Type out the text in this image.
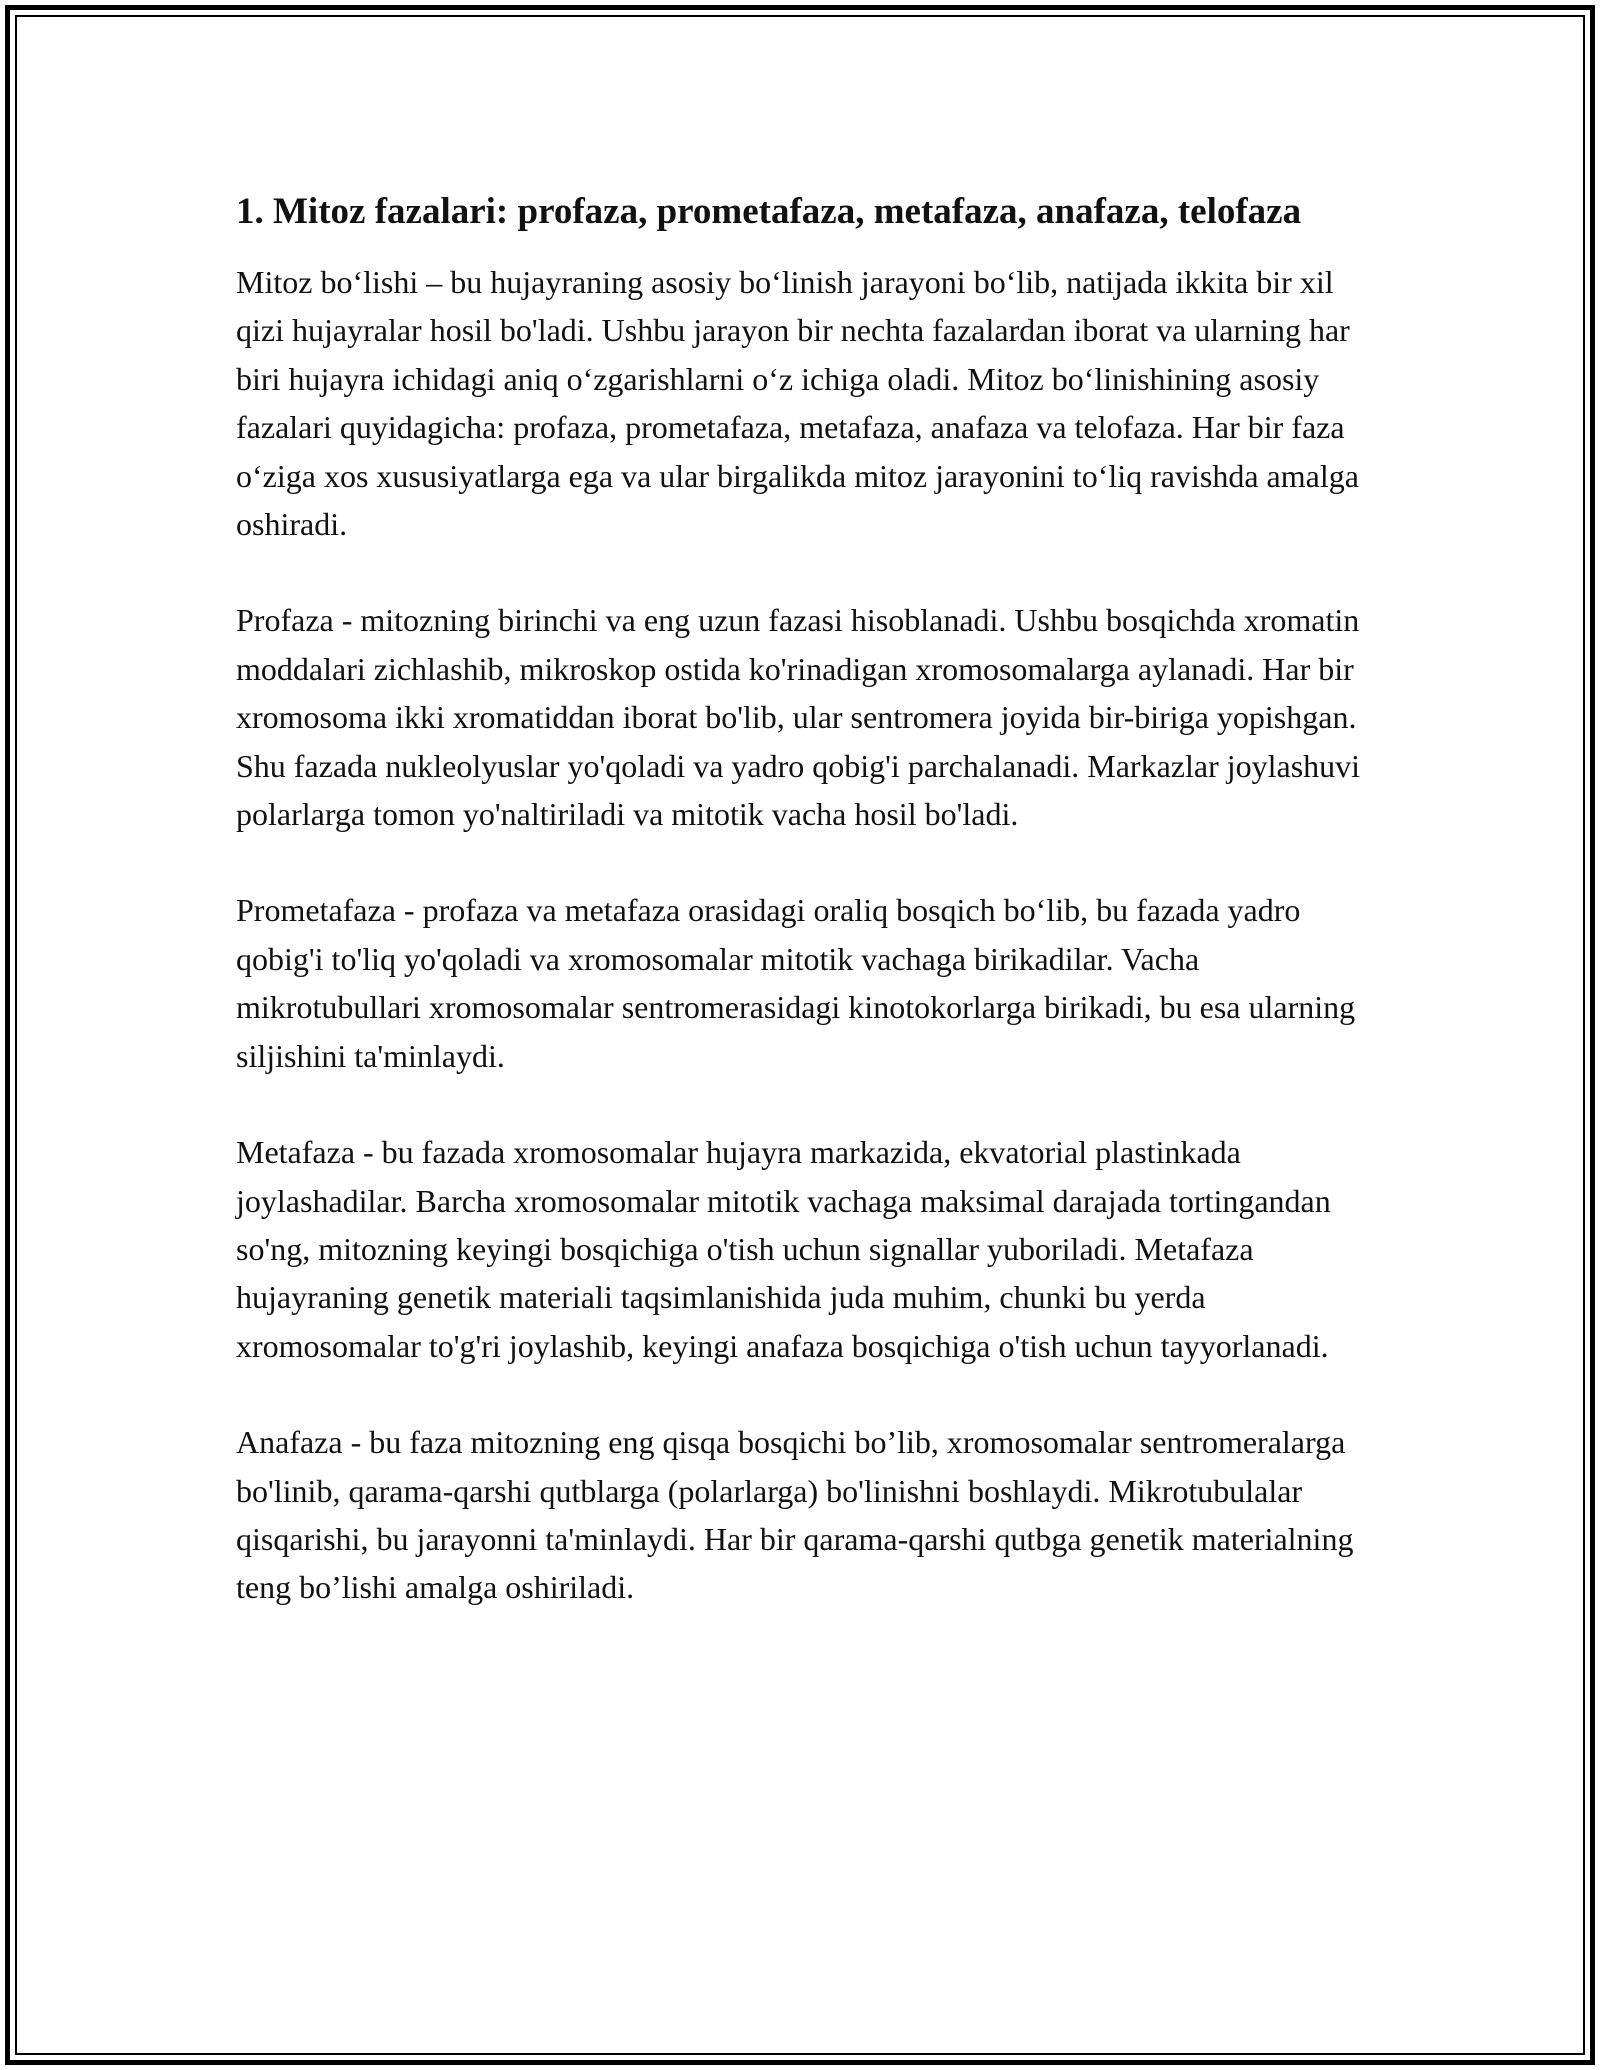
1. Mitoz fazalari: profaza, prometafaza, metafaza, anafaza, telofaza

Mitoz bo‘lishi – bu hujayraning asosiy bo‘linish jarayoni bo‘lib, natijada ikkita bir xil qizi hujayralar hosil bo'ladi. Ushbu jarayon bir nechta fazalardan iborat va ularning har biri hujayra ichidagi aniq o‘zgarishlarni o‘z ichiga oladi. Mitoz bo‘linishining asosiy fazalari quyidagicha: profaza, prometafaza, metafaza, anafaza va telofaza. Har bir faza o‘ziga xos xususiyatlarga ega va ular birgalikda mitoz jarayonini to‘liq ravishda amalga oshiradi.

Profaza - mitozning birinchi va eng uzun fazasi hisoblanadi. Ushbu bosqichda xromatin moddalari zichlashib, mikroskop ostida ko'rinadigan xromosomalarga aylanadi. Har bir xromosoma ikki xromatiddan iborat bo'lib, ular sentromera joyida bir-biriga yopishgan. Shu fazada nukleolyuslar yo'qoladi va yadro qobig'i parchalanadi. Markazlar joylashuvi polarlarga tomon yo'naltiriladi va mitotik vacha hosil bo'ladi.

Prometafaza - profaza va metafaza orasidagi oraliq bosqich bo‘lib, bu fazada yadro qobig'i to'liq yo'qoladi va xromosomalar mitotik vachaga birikadilar. Vacha mikrotubullari xromosomalar sentromerasidagi kinotokorlarga birikadi, bu esa ularning siljishini ta'minlaydi.

Metafaza - bu fazada xromosomalar hujayra markazida, ekvatorial plastinkada joylashadilar. Barcha xromosomalar mitotik vachaga maksimal darajada tortingandan so'ng, mitozning keyingi bosqichiga o'tish uchun signallar yuboriladi. Metafaza hujayraning genetik materiali taqsimlanishida juda muhim, chunki bu yerda xromosomalar to'g'ri joylashib, keyingi anafaza bosqichiga o'tish uchun tayyorlanadi.

Anafaza - bu faza mitozning eng qisqa bosqichi bo’lib, xromosomalar sentromeralarga bo'linib, qarama-qarshi qutblarga (polarlarga) bo'linishni boshlaydi. Mikrotubulalar qisqarishi, bu jarayonni ta'minlaydi. Har bir qarama-qarshi qutbga genetik materialning teng bo’lishi amalga oshiriladi.
